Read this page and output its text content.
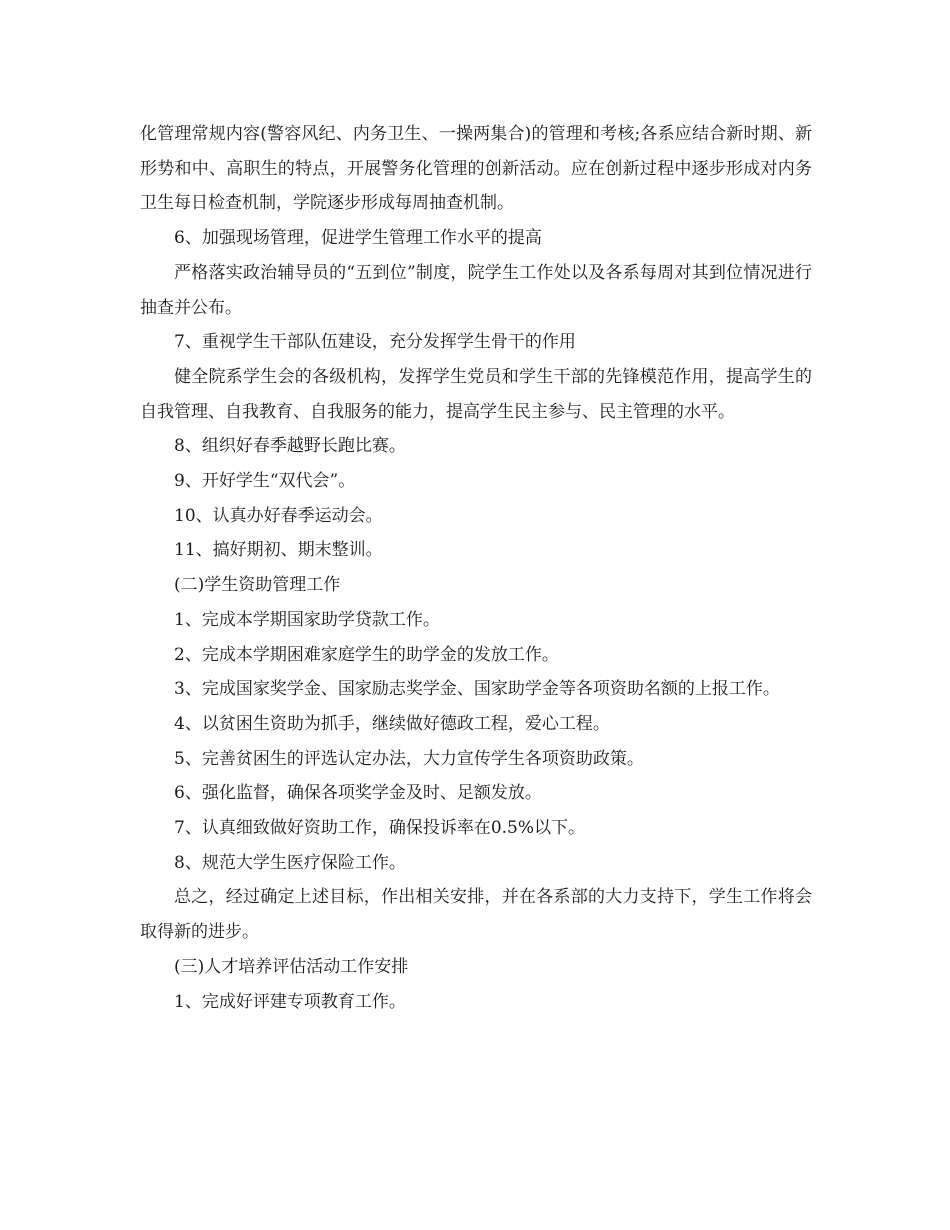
化管理常规内容(警容风纪、内务卫生、一操两集合)的管理和考核;各系应结合新时期、新形势和中、高职生的特点，开展警务化管理的创新活动。应在创新过程中逐步形成对内务卫生每日检查机制，学院逐步形成每周抽查机制。

6、加强现场管理，促进学生管理工作水平的提高

严格落实政治辅导员的“五到位”制度，院学生工作处以及各系每周对其到位情况进行抽查并公布。

7、重视学生干部队伍建设，充分发挥学生骨干的作用

健全院系学生会的各级机构，发挥学生党员和学生干部的先锋模范作用，提高学生的自我管理、自我教育、自我服务的能力，提高学生民主参与、民主管理的水平。

8、组织好春季越野长跑比赛。

9、开好学生“双代会”。

10、认真办好春季运动会。

11、搞好期初、期末整训。

(二)学生资助管理工作

1、完成本学期国家助学贷款工作。

2、完成本学期困难家庭学生的助学金的发放工作。

3、完成国家奖学金、国家励志奖学金、国家助学金等各项资助名额的上报工作。

4、以贫困生资助为抓手，继续做好德政工程，爱心工程。

5、完善贫困生的评选认定办法，大力宣传学生各项资助政策。

6、强化监督，确保各项奖学金及时、足额发放。

7、认真细致做好资助工作，确保投诉率在0.5%以下。

8、规范大学生医疗保险工作。

总之，经过确定上述目标，作出相关安排，并在各系部的大力支持下，学生工作将会取得新的进步。

(三)人才培养评估活动工作安排

1、完成好评建专项教育工作。
